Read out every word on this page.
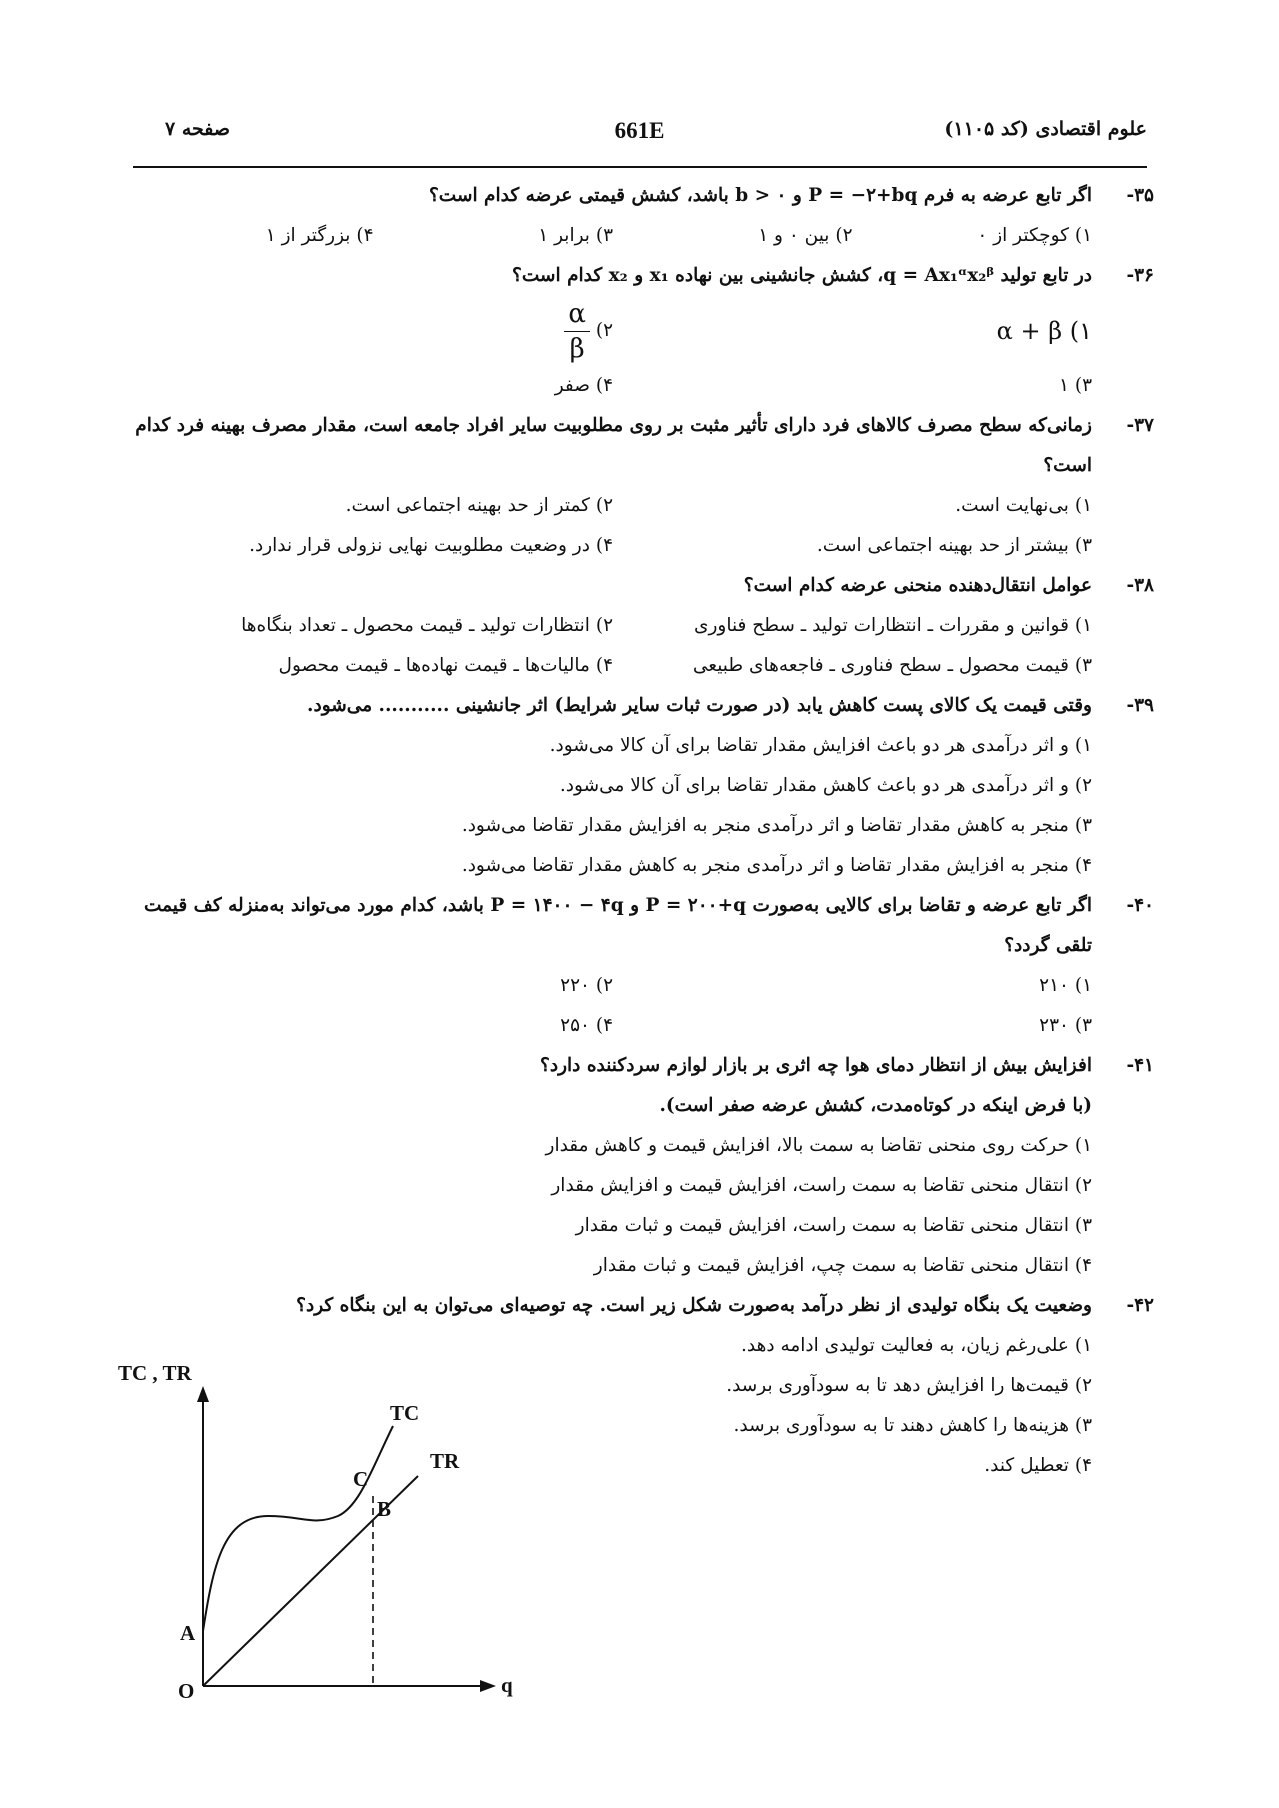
علوم اقتصادی (کد ۱۱۰۵)
661E
صفحه ۷
۳۵-
اگر تابع عرضه به فرم P = −۲+bq و b > ۰ باشد، کشش قیمتی عرضه کدام است؟
۱) کوچکتر از ۰
۲) بین ۰ و ۱
۳) برابر ۱
۴) بزرگتر از ۱
۳۶-
در تابع تولید q = Ax₁ᵅx₂ᵝ، کشش جانشینی بین نهاده x₁ و x₂ کدام است؟
۱) α + β
۲)
$\frac{\alpha}{\beta}$
۳) ۱
۴) صفر
۳۷-
زمانی‌که سطح مصرف کالاهای فرد دارای تأثیر مثبت بر روی مطلوبیت سایر افراد جامعه است، مقدار مصرف بهینه فرد کدام است؟
۱) بی‌نهایت است.
۲) کمتر از حد بهینه اجتماعی است.
۳) بیشتر از حد بهینه اجتماعی است.
۴) در وضعیت مطلوبیت نهایی نزولی قرار ندارد.
۳۸-
عوامل انتقال‌دهنده منحنی عرضه کدام است؟
۱) قوانین و مقررات ـ انتظارات تولید ـ سطح فناوری
۲) انتظارات تولید ـ قیمت محصول ـ تعداد بنگاه‌ها
۳) قیمت محصول ـ سطح فناوری ـ فاجعه‌های طبیعی
۴) مالیات‌ها ـ قیمت نهاده‌ها ـ قیمت محصول
۳۹-
وقتی قیمت یک کالای پست کاهش یابد (در صورت ثبات سایر شرایط) اثر جانشینی ........... می‌شود.
۱) و اثر درآمدی هر دو باعث افزایش مقدار تقاضا برای آن کالا می‌شود.
۲) و اثر درآمدی هر دو باعث کاهش مقدار تقاضا برای آن کالا می‌شود.
۳) منجر به کاهش مقدار تقاضا و اثر درآمدی منجر به افزایش مقدار تقاضا می‌شود.
۴) منجر به افزایش مقدار تقاضا و اثر درآمدی منجر به کاهش مقدار تقاضا می‌شود.
۴۰-
اگر تابع عرضه و تقاضا برای کالایی به‌صورت P = ۲۰۰+q و P = ۱۴۰۰ − ۴q باشد، کدام مورد می‌تواند به‌منزله کف قیمت تلقی گردد؟
۱) ۲۱۰
۲) ۲۲۰
۳) ۲۳۰
۴) ۲۵۰
۴۱-
افزایش بیش از انتظار دمای هوا چه اثری بر بازار لوازم سردکننده دارد؟
(با فرض اینکه در کوتاه‌مدت، کشش عرضه صفر است).
۱) حرکت روی منحنی تقاضا به سمت بالا، افزایش قیمت و کاهش مقدار
۲) انتقال منحنی تقاضا به سمت راست، افزایش قیمت و افزایش مقدار
۳) انتقال منحنی تقاضا به سمت راست، افزایش قیمت و ثبات مقدار
۴) انتقال منحنی تقاضا به سمت چپ، افزایش قیمت و ثبات مقدار
۴۲-
وضعیت یک بنگاه تولیدی از نظر درآمد به‌صورت شکل زیر است. چه توصیه‌ای می‌توان به این بنگاه کرد؟
۱) علی‌رغم زیان، به فعالیت تولیدی ادامه دهد.
۲) قیمت‌ها را افزایش دهد تا به سودآوری برسد.
۳) هزینه‌ها را کاهش دهند تا به سودآوری برسد.
۴) تعطیل کند.
TC , TR
q
O
A
B
C
TC
TR
